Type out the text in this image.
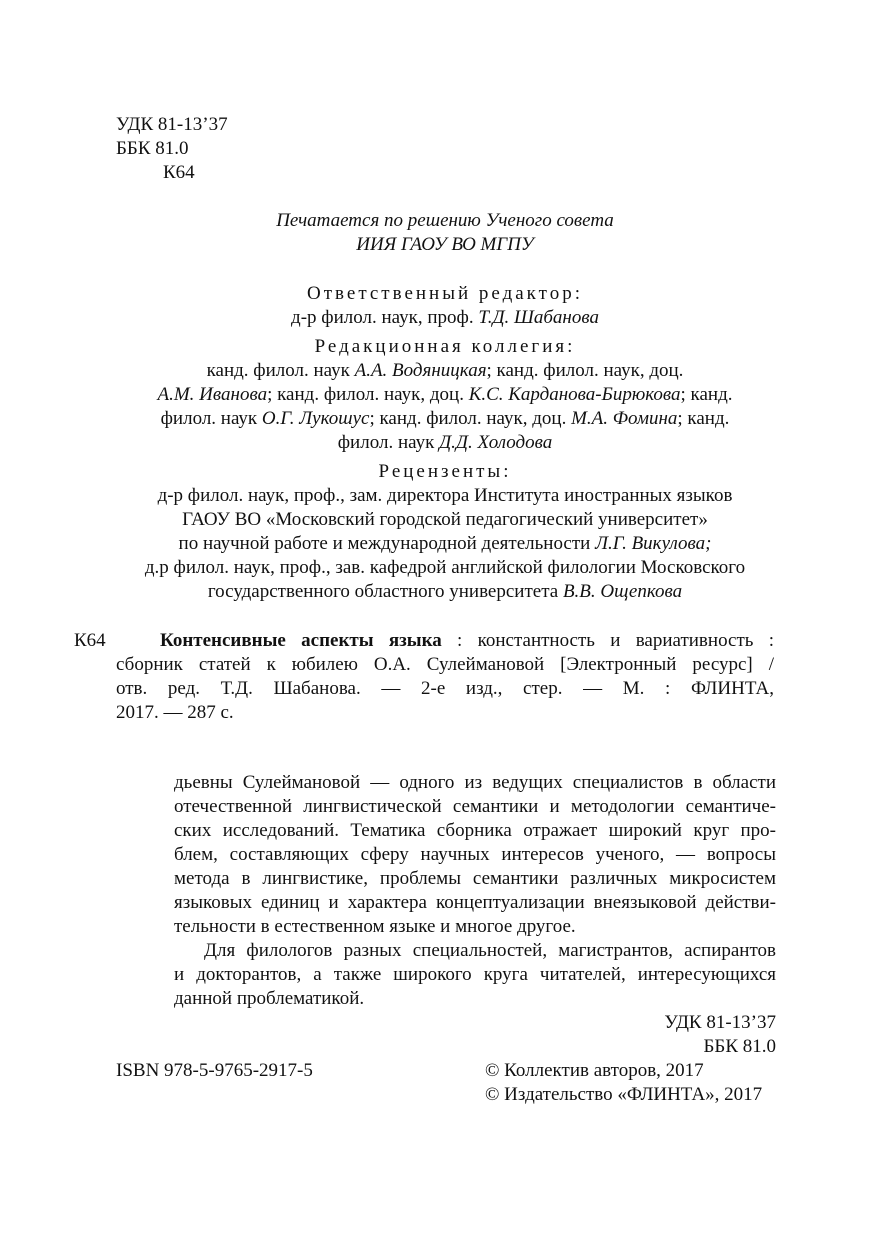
УДК 81-13’37
ББК 81.0
К64
Печатается по решению Ученого совета
ИИЯ ГАОУ ВО МГПУ
Ответственный редактор:
д-р филол. наук, проф. Т.Д. Шабанова
Редакционная коллегия:
канд. филол. наук А.А. Водяницкая; канд. филол. наук, доц.
А.М. Иванова; канд. филол. наук, доц. К.С. Карданова-Бирюкова; канд.
филол. наук О.Г. Лукошус; канд. филол. наук, доц. М.А. Фомина; канд.
филол. наук Д.Д. Холодова
Рецензенты:
д-р филол. наук, проф., зам. директора Института иностранных языков
ГАОУ ВО «Московский городской педагогический университет»
по научной работе и международной деятельности Л.Г. Викулова;
д.р филол. наук, проф., зав. кафедрой английской филологии Московского
государственного областного университета В.В. Ощепкова
К64	Контенсивные аспекты языка : константность и вариативность :
сборник статей к юбилею О.А. Сулеймановой [Электронный ресурс] /
отв. ред. Т.Д. Шабанова. — 2-е изд., стер. — М. : ФЛИНТА,
2017. — 287 с.
дьевны Сулеймановой — одного из ведущих специалистов в области
отечественной лингвистической семантики и методологии семантиче-
ских исследований. Тематика сборника отражает широкий круг про-
блем, составляющих сферу научных интересов ученого, — вопросы
метода в лингвистике, проблемы семантики различных микросистем
языковых единиц и характера концептуализации внеязыковой действи-
тельности в естественном языке и многое другое.
Для филологов разных специальностей, магистрантов, аспирантов
и докторантов, а также широкого круга читателей, интересующихся
данной проблематикой.
УДК 81-13’37
ББК 81.0
ISBN 978-5-9765-2917-5	© Коллектив авторов, 2017
© Издательство «ФЛИНТА», 2017
